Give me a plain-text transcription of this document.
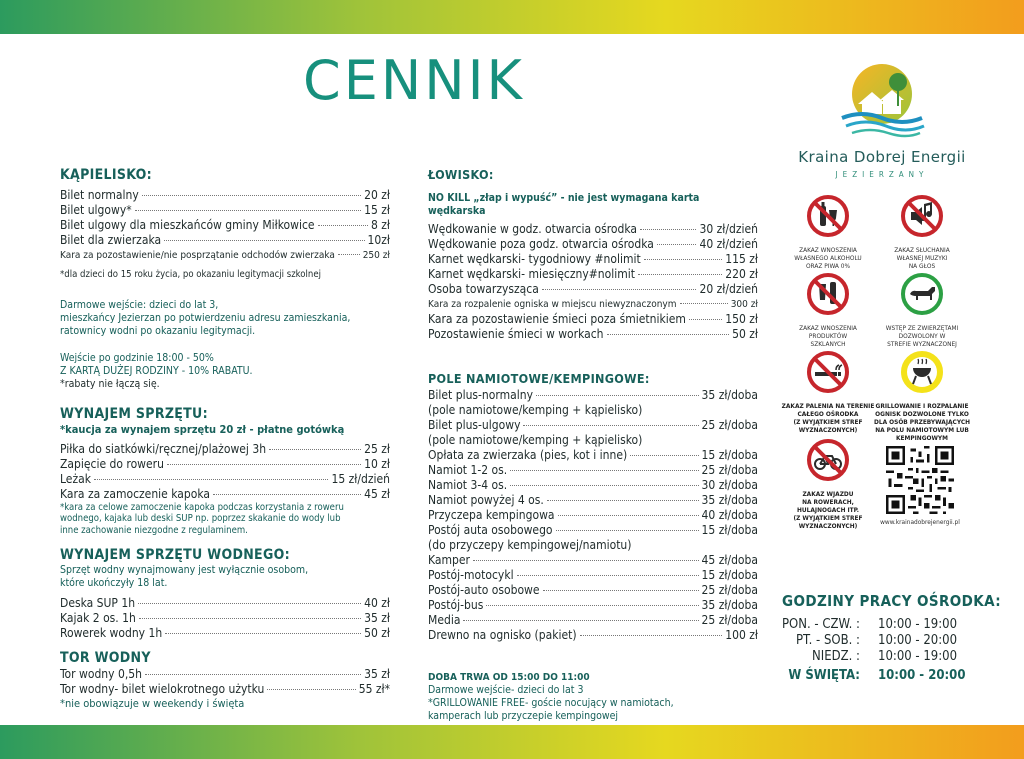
CENNIK
KĄPIELISKO:
Bilet normalny	20 zł
Bilet ulgowy*	15 zł
Bilet ulgowy dla mieszkańców gminy Miłkowice	8 zł
Bilet dla zwierzaka	10zł
Kara za pozostawienie/nie posprzątanie odchodów zwierzaka	250 zł
*dla dzieci do 15 roku życia, po okazaniu legitymacji szkolnej
Darmowe wejście: dzieci do lat 3,
mieszkańcy Jezierzan po potwierdzeniu adresu zamieszkania,
ratownicy wodni po okazaniu legitymacji.
Wejście po godzinie 18:00 - 50%
Z KARTĄ DUŻEJ RODZINY - 10% RABATU.
*rabaty nie łączą się.
WYNAJEM SPRZĘTU:
*kaucja za wynajem sprzętu 20 zł - płatne gotówką
Piłka do siatkówki/ręcznej/plażowej 3h	25 zł
Zapięcie do roweru	10 zł
Leżak	15 zł/dzień
Kara za zamoczenie kapoka	45 zł
*kara za celowe zamoczenie kapoka podczas korzystania z roweru
wodnego, kajaka lub deski SUP np. poprzez skakanie do wody lub
inne zachowanie niezgodne z regulaminem.
WYNAJEM SPRZĘTU WODNEGO:
Sprzęt wodny wynajmowany jest wyłącznie osobom,
które ukończyły 18 lat.
Deska SUP 1h	40 zł
Kajak 2 os. 1h	35 zł
Rowerek wodny 1h	50 zł
TOR WODNY
Tor wodny 0,5h	35 zł
Tor wodny- bilet wielokrotnego użytku	55 zł*
*nie obowiązuje w weekendy i święta
ŁOWISKO:
NO KILL „złap i wypuść” - nie jest wymagana karta wędkarska
Wędkowanie w godz. otwarcia ośrodka	30 zł/dzień
Wędkowanie poza godz. otwarcia ośrodka	40 zł/dzień
Karnet wędkarski- tygodniowy #nolimit	115 zł
Karnet wędkarski- miesięczny#nolimit	220 zł
Osoba towarzysząca	20 zł/dzień
Kara za rozpalenie ogniska w miejscu niewyznaczonym	300 zł
Kara za pozostawienie śmieci poza śmietnikiem	150 zł
Pozostawienie śmieci w workach	50 zł
POLE NAMIOTOWE/KEMPINGOWE:
Bilet plus-normalny	35 zł/doba
(pole namiotowe/kemping + kąpielisko)
Bilet plus-ulgowy	25 zł/doba
(pole namiotowe/kemping + kąpielisko)
Opłata za zwierzaka (pies, kot i inne)	15 zł/doba
Namiot 1-2 os.	25 zł/doba
Namiot 3-4 os.	30 zł/doba
Namiot powyżej 4 os.	35 zł/doba
Przyczepa kempingowa	40 zł/doba
Postój auta osobowego	15 zł/doba
(do przyczepy kempingowej/namiotu)
Kamper	45 zł/doba
Postój-motocykl	15 zł/doba
Postój-auto osobowe	25 zł/doba
Postój-bus	35 zł/doba
Media	25 zł/doba
Drewno na ognisko (pakiet)	100 zł
DOBA TRWA OD 15:00 DO 11:00
Darmowe wejście- dzieci do lat 3
*GRILLOWANIE FREE- goście nocujący w namiotach,
kamperach lub przyczepie kempingowej
Kraina Dobrej Energii
JEZIERZANY
ZAKAZ WNOSZENIA
WŁASNEGO ALKOHOLU
ORAZ PIWA 0%
ZAKAZ SŁUCHANIA
WŁASNEJ MUZYKI
NA GŁOS
ZAKAZ WNOSZENIA
PRODUKTÓW
SZKLANYCH
WSTĘP ZE ZWIERZĘTAMI
DOZWOLONY W
STREFIE WYZNACZONEJ
ZAKAZ PALENIA NA TERENIE
CAŁEGO OŚRODKA
(Z WYJĄTKIEM STREF
WYZNACZONYCH)
GRILLOWANIE I ROZPALANIE
OGNISK DOZWOLONE TYLKO
DLA OSÓB PRZEBYWAJĄCYCH
NA POLU NAMIOTOWYM LUB
KEMPINGOWYM
ZAKAZ WJAZDU
NA ROWERACH,
HULAJNOGACH ITP.
(Z WYJĄTKIEM STREF
WYZNACZONYCH)	www.krainadobrejenergii.pl
GODZINY PRACY OŚRODKA:
PON. - CZW. :	10:00 - 19:00
PT. - SOB. :	10:00 - 20:00
NIEDZ. :	10:00 - 19:00
W ŚWIĘTA:	10:00 - 20:00
